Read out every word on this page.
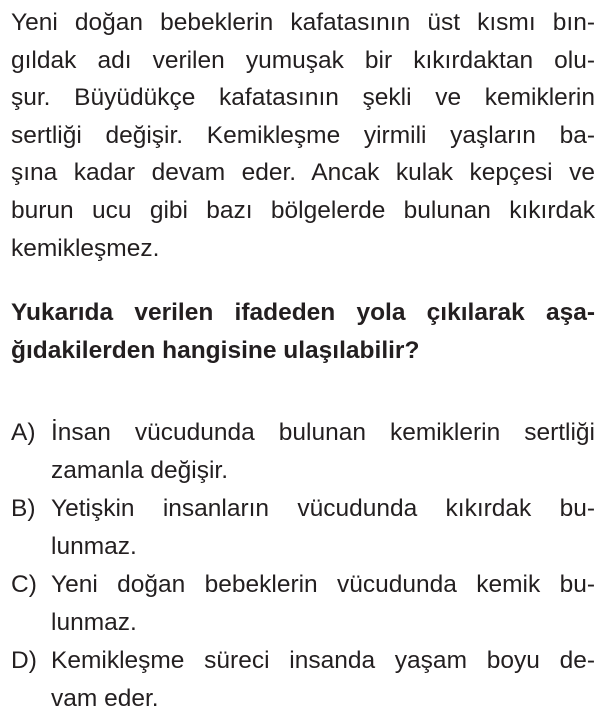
Yeni doğan bebeklerin kafatasının üst kısmı bın-
gıldak adı verilen yumuşak bir kıkırdaktan olu-
şur. Büyüdükçe kafatasının şekli ve kemiklerin
sertliği değişir. Kemikleşme yirmili yaşların ba-
şına kadar devam eder. Ancak kulak kepçesi ve
burun ucu gibi bazı bölgelerde bulunan kıkırdak
kemikleşmez.
Yukarıda verilen ifadeden yola çıkılarak aşa-
ğıdakilerden hangisine ulaşılabilir?
A) İnsan vücudunda bulunan kemiklerin sertliği
zamanla değişir.
B) Yetişkin insanların vücudunda kıkırdak bu-
lunmaz.
C) Yeni doğan bebeklerin vücudunda kemik bu-
lunmaz.
D) Kemikleşme süreci insanda yaşam boyu de-
vam eder.
